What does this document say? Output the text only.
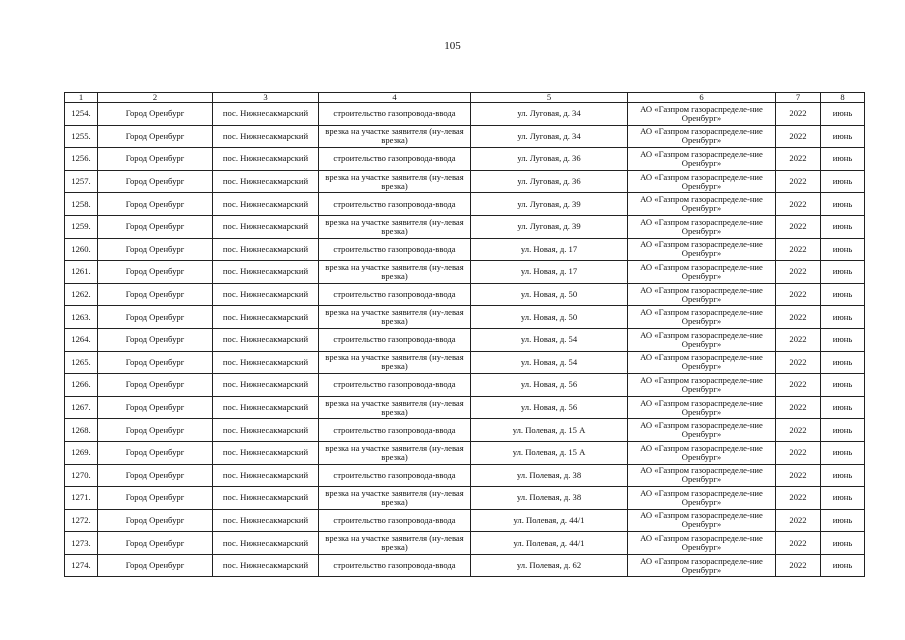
105
1	2	3	4	5	6	7	8
1254.	Город Оренбург	пос. Нижнесакмарский	строительство газопровода-ввода	ул. Луговая, д. 34	АО «Газпром газораспределе-ние Оренбург»	2022	июнь
1255.	Город Оренбург	пос. Нижнесакмарский	врезка на участке заявителя (ну-левая врезка)	ул. Луговая, д. 34	АО «Газпром газораспределе-ние Оренбург»	2022	июнь
1256.	Город Оренбург	пос. Нижнесакмарский	строительство газопровода-ввода	ул. Луговая, д. 36	АО «Газпром газораспределе-ние Оренбург»	2022	июнь
1257.	Город Оренбург	пос. Нижнесакмарский	врезка на участке заявителя (ну-левая врезка)	ул. Луговая, д. 36	АО «Газпром газораспределе-ние Оренбург»	2022	июнь
1258.	Город Оренбург	пос. Нижнесакмарский	строительство газопровода-ввода	ул. Луговая, д. 39	АО «Газпром газораспределе-ние Оренбург»	2022	июнь
1259.	Город Оренбург	пос. Нижнесакмарский	врезка на участке заявителя (ну-левая врезка)	ул. Луговая, д. 39	АО «Газпром газораспределе-ние Оренбург»	2022	июнь
1260.	Город Оренбург	пос. Нижнесакмарский	строительство газопровода-ввода	ул. Новая, д. 17	АО «Газпром газораспределе-ние Оренбург»	2022	июнь
1261.	Город Оренбург	пос. Нижнесакмарский	врезка на участке заявителя (ну-левая врезка)	ул. Новая, д. 17	АО «Газпром газораспределе-ние Оренбург»	2022	июнь
1262.	Город Оренбург	пос. Нижнесакмарский	строительство газопровода-ввода	ул. Новая, д. 50	АО «Газпром газораспределе-ние Оренбург»	2022	июнь
1263.	Город Оренбург	пос. Нижнесакмарский	врезка на участке заявителя (ну-левая врезка)	ул. Новая, д. 50	АО «Газпром газораспределе-ние Оренбург»	2022	июнь
1264.	Город Оренбург	пос. Нижнесакмарский	строительство газопровода-ввода	ул. Новая, д. 54	АО «Газпром газораспределе-ние Оренбург»	2022	июнь
1265.	Город Оренбург	пос. Нижнесакмарский	врезка на участке заявителя (ну-левая врезка)	ул. Новая, д. 54	АО «Газпром газораспределе-ние Оренбург»	2022	июнь
1266.	Город Оренбург	пос. Нижнесакмарский	строительство газопровода-ввода	ул. Новая, д. 56	АО «Газпром газораспределе-ние Оренбург»	2022	июнь
1267.	Город Оренбург	пос. Нижнесакмарский	врезка на участке заявителя (ну-левая врезка)	ул. Новая, д. 56	АО «Газпром газораспределе-ние Оренбург»	2022	июнь
1268.	Город Оренбург	пос. Нижнесакмарский	строительство газопровода-ввода	ул. Полевая, д. 15 А	АО «Газпром газораспределе-ние Оренбург»	2022	июнь
1269.	Город Оренбург	пос. Нижнесакмарский	врезка на участке заявителя (ну-левая врезка)	ул. Полевая, д. 15 А	АО «Газпром газораспределе-ние Оренбург»	2022	июнь
1270.	Город Оренбург	пос. Нижнесакмарский	строительство газопровода-ввода	ул. Полевая, д. 38	АО «Газпром газораспределе-ние Оренбург»	2022	июнь
1271.	Город Оренбург	пос. Нижнесакмарский	врезка на участке заявителя (ну-левая врезка)	ул. Полевая, д. 38	АО «Газпром газораспределе-ние Оренбург»	2022	июнь
1272.	Город Оренбург	пос. Нижнесакмарский	строительство газопровода-ввода	ул. Полевая, д. 44/1	АО «Газпром газораспределе-ние Оренбург»	2022	июнь
1273.	Город Оренбург	пос. Нижнесакмарский	врезка на участке заявителя (ну-левая врезка)	ул. Полевая, д. 44/1	АО «Газпром газораспределе-ние Оренбург»	2022	июнь
1274.	Город Оренбург	пос. Нижнесакмарский	строительство газопровода-ввода	ул. Полевая, д. 62	АО «Газпром газораспределе-ние Оренбург»	2022	июнь
